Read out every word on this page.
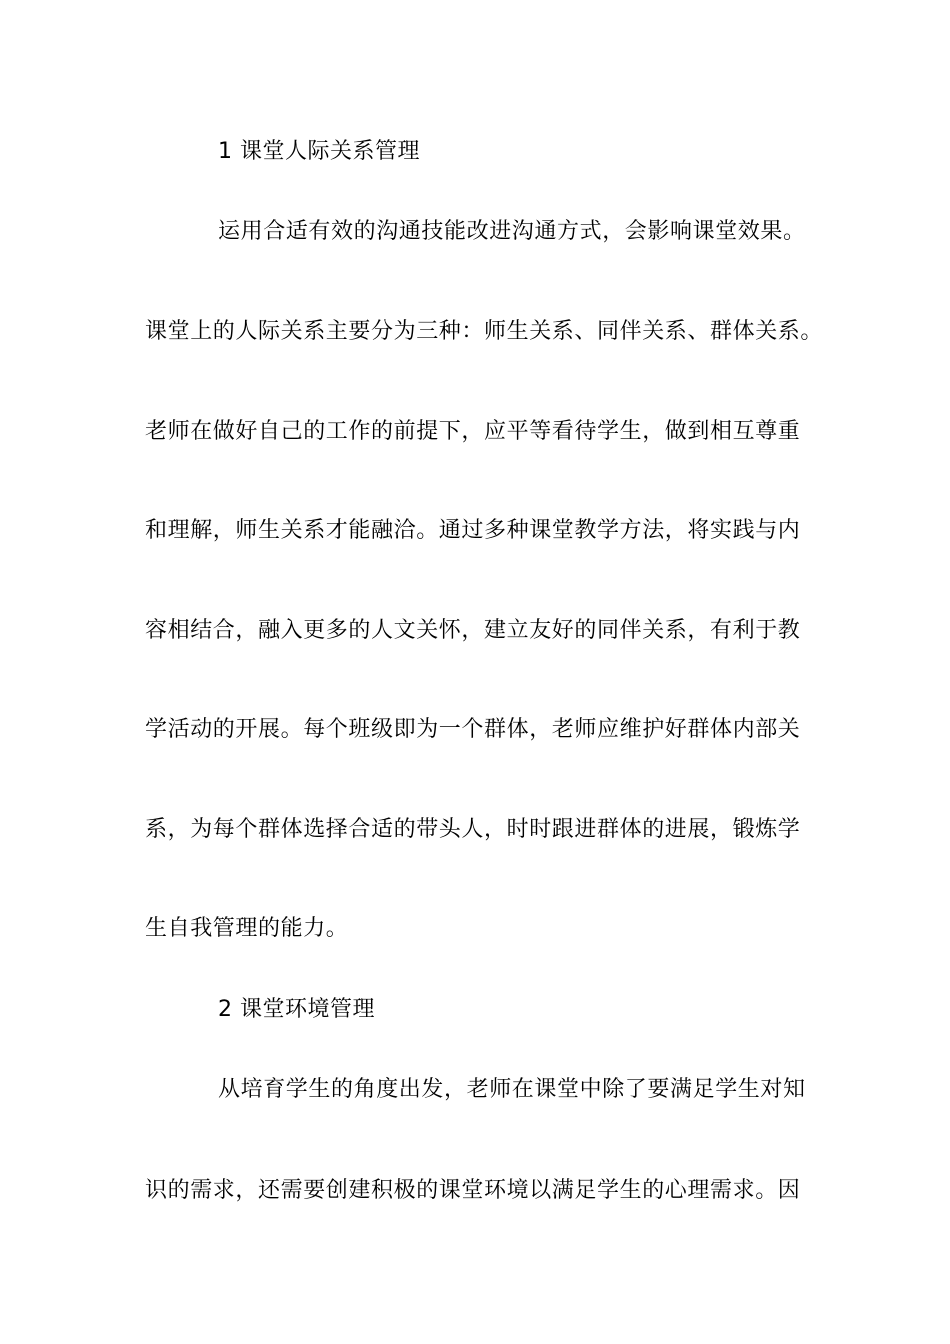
1 课堂人际关系管理
运用合适有效的沟通技能改进沟通方式，会影响课堂效果。
课堂上的人际关系主要分为三种：师生关系、同伴关系、群体关系。
老师在做好自己的工作的前提下，应平等看待学生，做到相互尊重
和理解，师生关系才能融洽。通过多种课堂教学方法，将实践与内
容相结合，融入更多的人文关怀，建立友好的同伴关系，有利于教
学活动的开展。每个班级即为一个群体，老师应维护好群体内部关
系，为每个群体选择合适的带头人，时时跟进群体的进展，锻炼学
生自我管理的能力。
2 课堂环境管理
从培育学生的角度出发，老师在课堂中除了要满足学生对知
识的需求，还需要创建积极的课堂环境以满足学生的心理需求。因
